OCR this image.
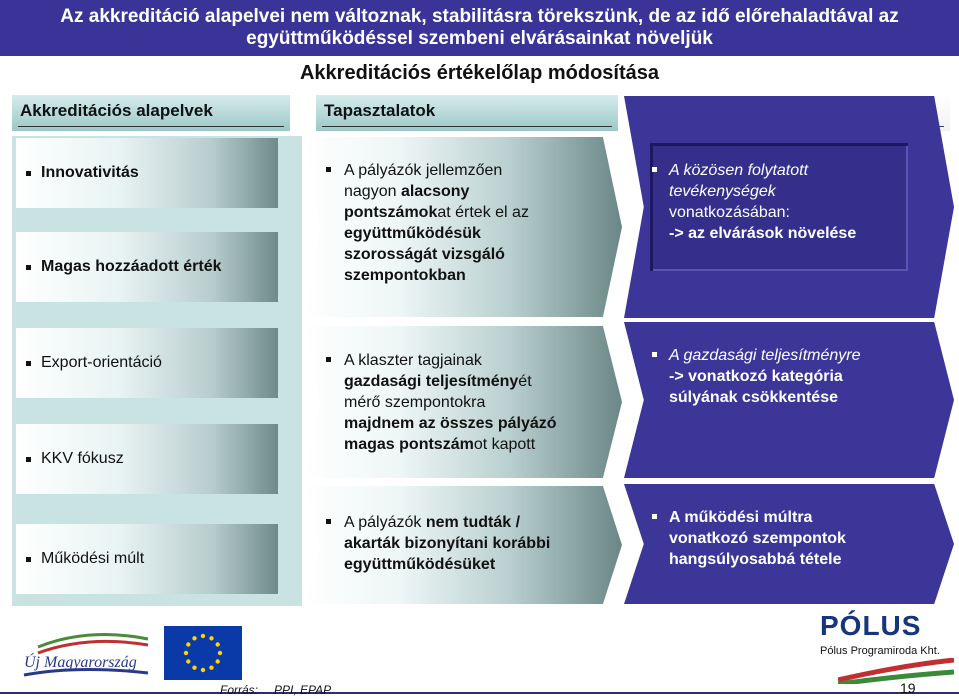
Az akkreditáció alapelvei nem változnak, stabilitásra törekszünk, de az idő előrehaladtával az
együttműködéssel szembeni elvárásainkat növeljük
Akkreditációs értékelőlap módosítása
Akkreditációs alapelvek	Tapasztalatok
Innovativitás
Magas hozzáadott érték
Export-orientáció
KKV fókusz
Működési múlt
A pályázók jellemzően
nagyon alacsony
pontszámokat értek el az
együttműködésük
szorosságát vizsgáló
szempontokban
A klaszter tagjainak
gazdasági teljesítményét
mérő szempontokra
majdnem az összes pályázó
magas pontszámot kapott
A pályázók nem tudták /
akarták bizonyítani korábbi
együttműködésüket
A közösen folytatott
tevékenységek
vonatkozásában:
-> az elvárások növelése
A gazdasági teljesítményre
-> vonatkozó kategória
súlyának csökkentése
A működési múltra
vonatkozó szempontok
hangsúlyosabbá tétele
Új Magyarország
PÓLUS
Pólus Programiroda Kht.
Forrás: PPI, EPAP	19
